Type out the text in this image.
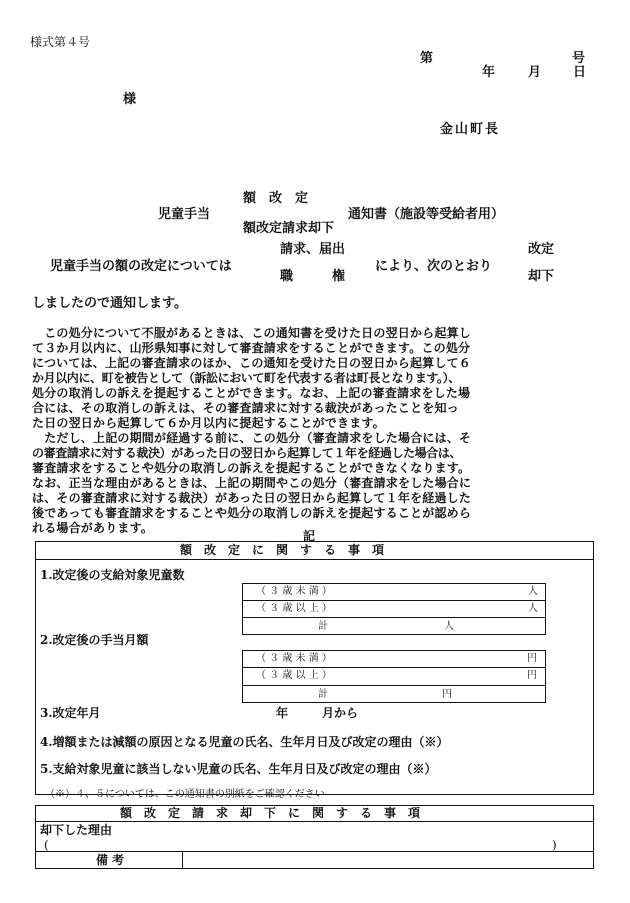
様式第４号
第	号
年	月 日
様
金山町長
額　改　定
児童手当
額改定請求却下
通知書（施設等受給者用）
請求、届出
児童手当の額の改定については	により、次のとおり
職　　　権
改定
却下
しましたので通知します。
　この処分について不服があるときは、この通知書を受けた日の翌日から起算し
て３か月以内に、山形県知事に対して審査請求をすることができます。この処分
については、上記の審査請求のほか、この通知を受けた日の翌日から起算して６
か月以内に、町を被告として（訴訟において町を代表する者は町長となります。）、
処分の取消しの訴えを提起することができます。なお、上記の審査請求をした場
合には、その取消しの訴えは、その審査請求に対する裁決があったことを知っ
た日の翌日から起算して６か月以内に提起することができます。
　ただし、上記の期間が経過する前に、この処分（審査請求をした場合には、そ
の審査請求に対する裁決）があった日の翌日から起算して１年を経過した場合は、
審査請求をすることや処分の取消しの訴えを提起することができなくなります。
なお、正当な理由があるときは、上記の期間やこの処分（審査請求をした場合に
は、その審査請求に対する裁決）があった日の翌日から起算して１年を経過した
後であっても審査請求をすることや処分の取消しの訴えを提起することが認めら
れる場合があります。
記
額　改　定　に　関　す　る　事　項
1.改定後の支給対象児童数
（ ３ 歳 未 満 ）	人
（ ３ 歳 以 上 ）	人
計	人
2.改定後の手当月額
（ ３ 歳 未 満 ）	円
（ ３ 歳 以 上 ）	円
計	円
3.改定年月	年	月から
4.増額または減額の原因となる児童の氏名、生年月日及び改定の理由（※）
5.支給対象児童に該当しない児童の氏名、生年月日及び改定の理由（※）
（※）４、５については、この通知書の別紙をご確認ください
額　改　定　請　求　却　下　に　関　す　る　事　項
却下した理由
(	)
備考
